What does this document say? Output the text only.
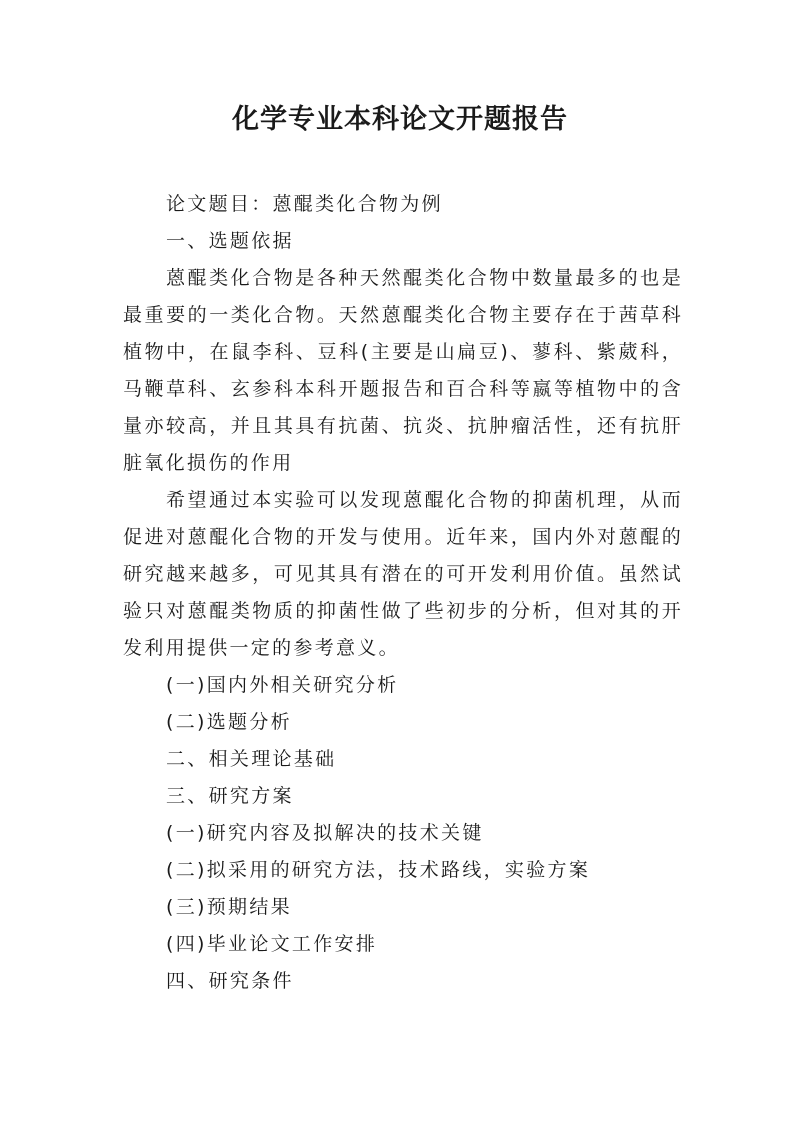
化学专业本科论文开题报告
论文题目：蒽醌类化合物为例
一、选题依据

蒽醌类化合物是各种天然醌类化合物中数量最多的也是最重要的一类化合物。天然蒽醌类化合物主要存在于茜草科植物中，在鼠李科、豆科(主要是山扁豆)、蓼科、紫葳科，马鞭草科、玄参科本科开题报告和百合科等嬴等植物中的含量亦较高，并且其具有抗菌、抗炎、抗肿瘤活性，还有抗肝脏氧化损伤的作用

希望通过本实验可以发现蒽醌化合物的抑菌机理，从而促进对蒽醌化合物的开发与使用。近年来，国内外对蒽醌的研究越来越多，可见其具有潜在的可开发利用价值。虽然试验只对蒽醌类物质的抑菌性做了些初步的分析，但对其的开发利用提供一定的参考意义。

(一)国内外相关研究分析
(二)选题分析
二、相关理论基础
三、研究方案
(一)研究内容及拟解决的技术关键
(二)拟采用的研究方法，技术路线，实验方案
(三)预期结果
(四)毕业论文工作安排
四、研究条件
